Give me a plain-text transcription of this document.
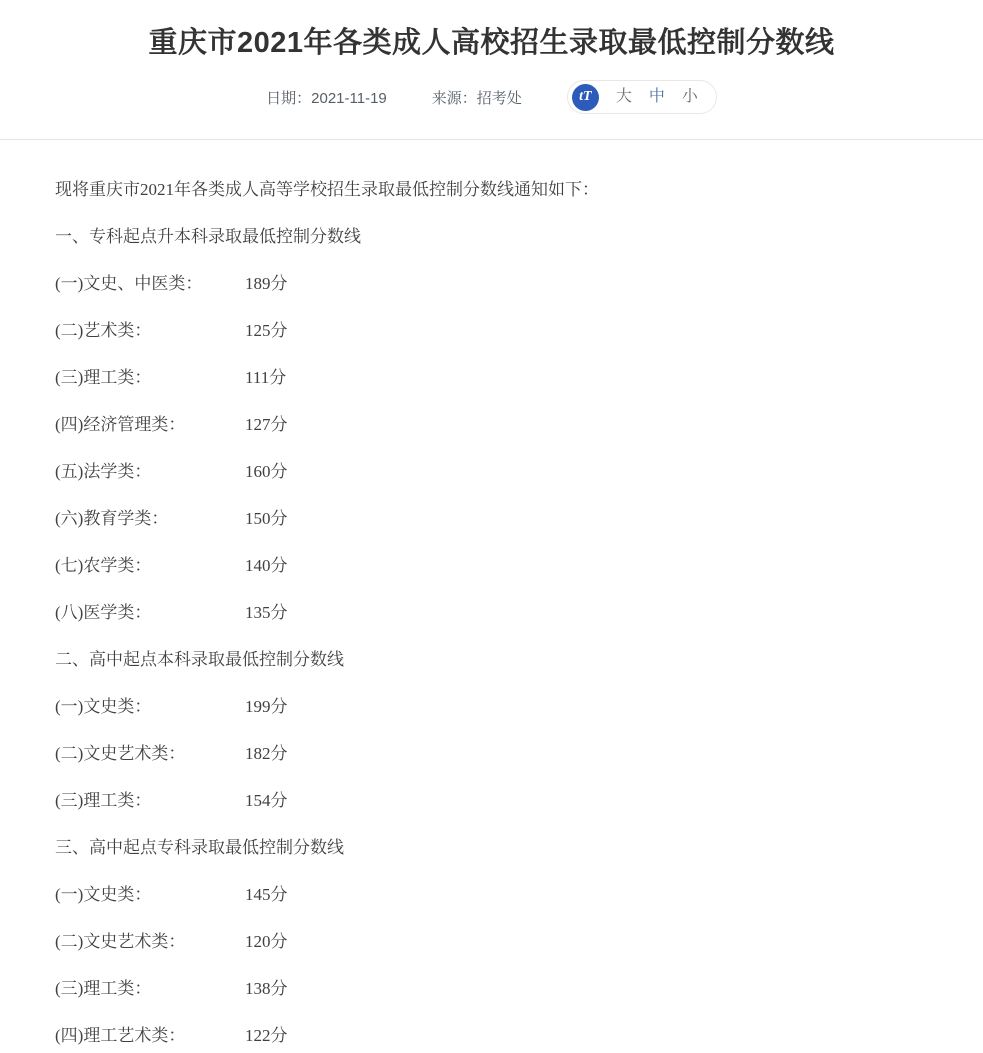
重庆市2021年各类成人高校招生录取最低控制分数线
日期：2021-11-19	来源：招考处	tT	大 中 小

现将重庆市2021年各类成人高等学校招生录取最低控制分数线通知如下：

一、专科起点升本科录取最低控制分数线

(一)文史、中医类：	189分

(二)艺术类：	125分

(三)理工类：	111分

(四)经济管理类：	127分

(五)法学类：	160分

(六)教育学类：	150分

(七)农学类：	140分

(八)医学类：	135分

二、高中起点本科录取最低控制分数线

(一)文史类：	199分

(二)文史艺术类：	182分

(三)理工类：	154分

三、高中起点专科录取最低控制分数线

(一)文史类：	145分

(二)文史艺术类：	120分

(三)理工类：	138分

(四)理工艺术类：	122分
